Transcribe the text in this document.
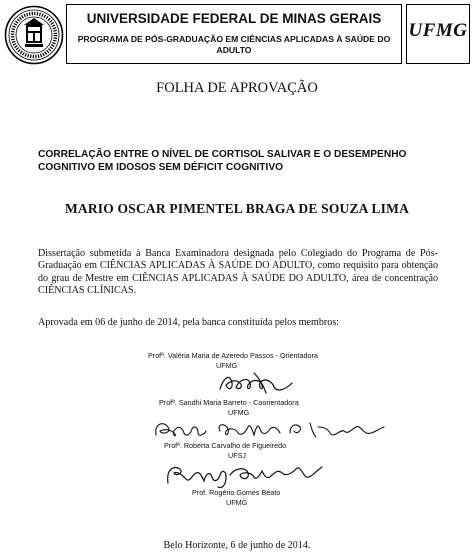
UNIVERSIDADE FEDERAL DE MINAS GERAIS
PROGRAMA DE PÓS-GRADUAÇÃO EM CIÊNCIAS APLICADAS À SAÚDE DO
ADULTO
UFMG
FOLHA DE APROVAÇÃO
CORRELAÇÃO ENTRE O NÍVEL DE CORTISOL SALIVAR E O DESEMPENHO
COGNITIVO EM IDOSOS SEM DÉFICIT COGNITIVO
MARIO OSCAR PIMENTEL BRAGA DE SOUZA LIMA
Dissertação submetida à Banca Examinadora designada pelo Colegiado do Programa de Pós-Graduação em CIÊNCIAS APLICADAS À SAÚDE DO ADULTO, como requisito para obtenção do grau de Mestre em CIÊNCIAS APLICADAS À SAÚDE DO ADULTO, área de concentração CIÊNCIAS CLÍNICAS.
Aprovada em 06 de junho de 2014, pela banca constituída pelos membros:
Profª. Valéria Maria de Azeredo Passos - Orientadora
UFMG
Profª. Sandhi Maria Barreto - Coorientadora
UFMG
Profª. Roberta Carvalho de Figueiredo
UFSJ
Prof. Rogério Gomes Beato
UFMG
Belo Horizonte, 6 de junho de 2014.
